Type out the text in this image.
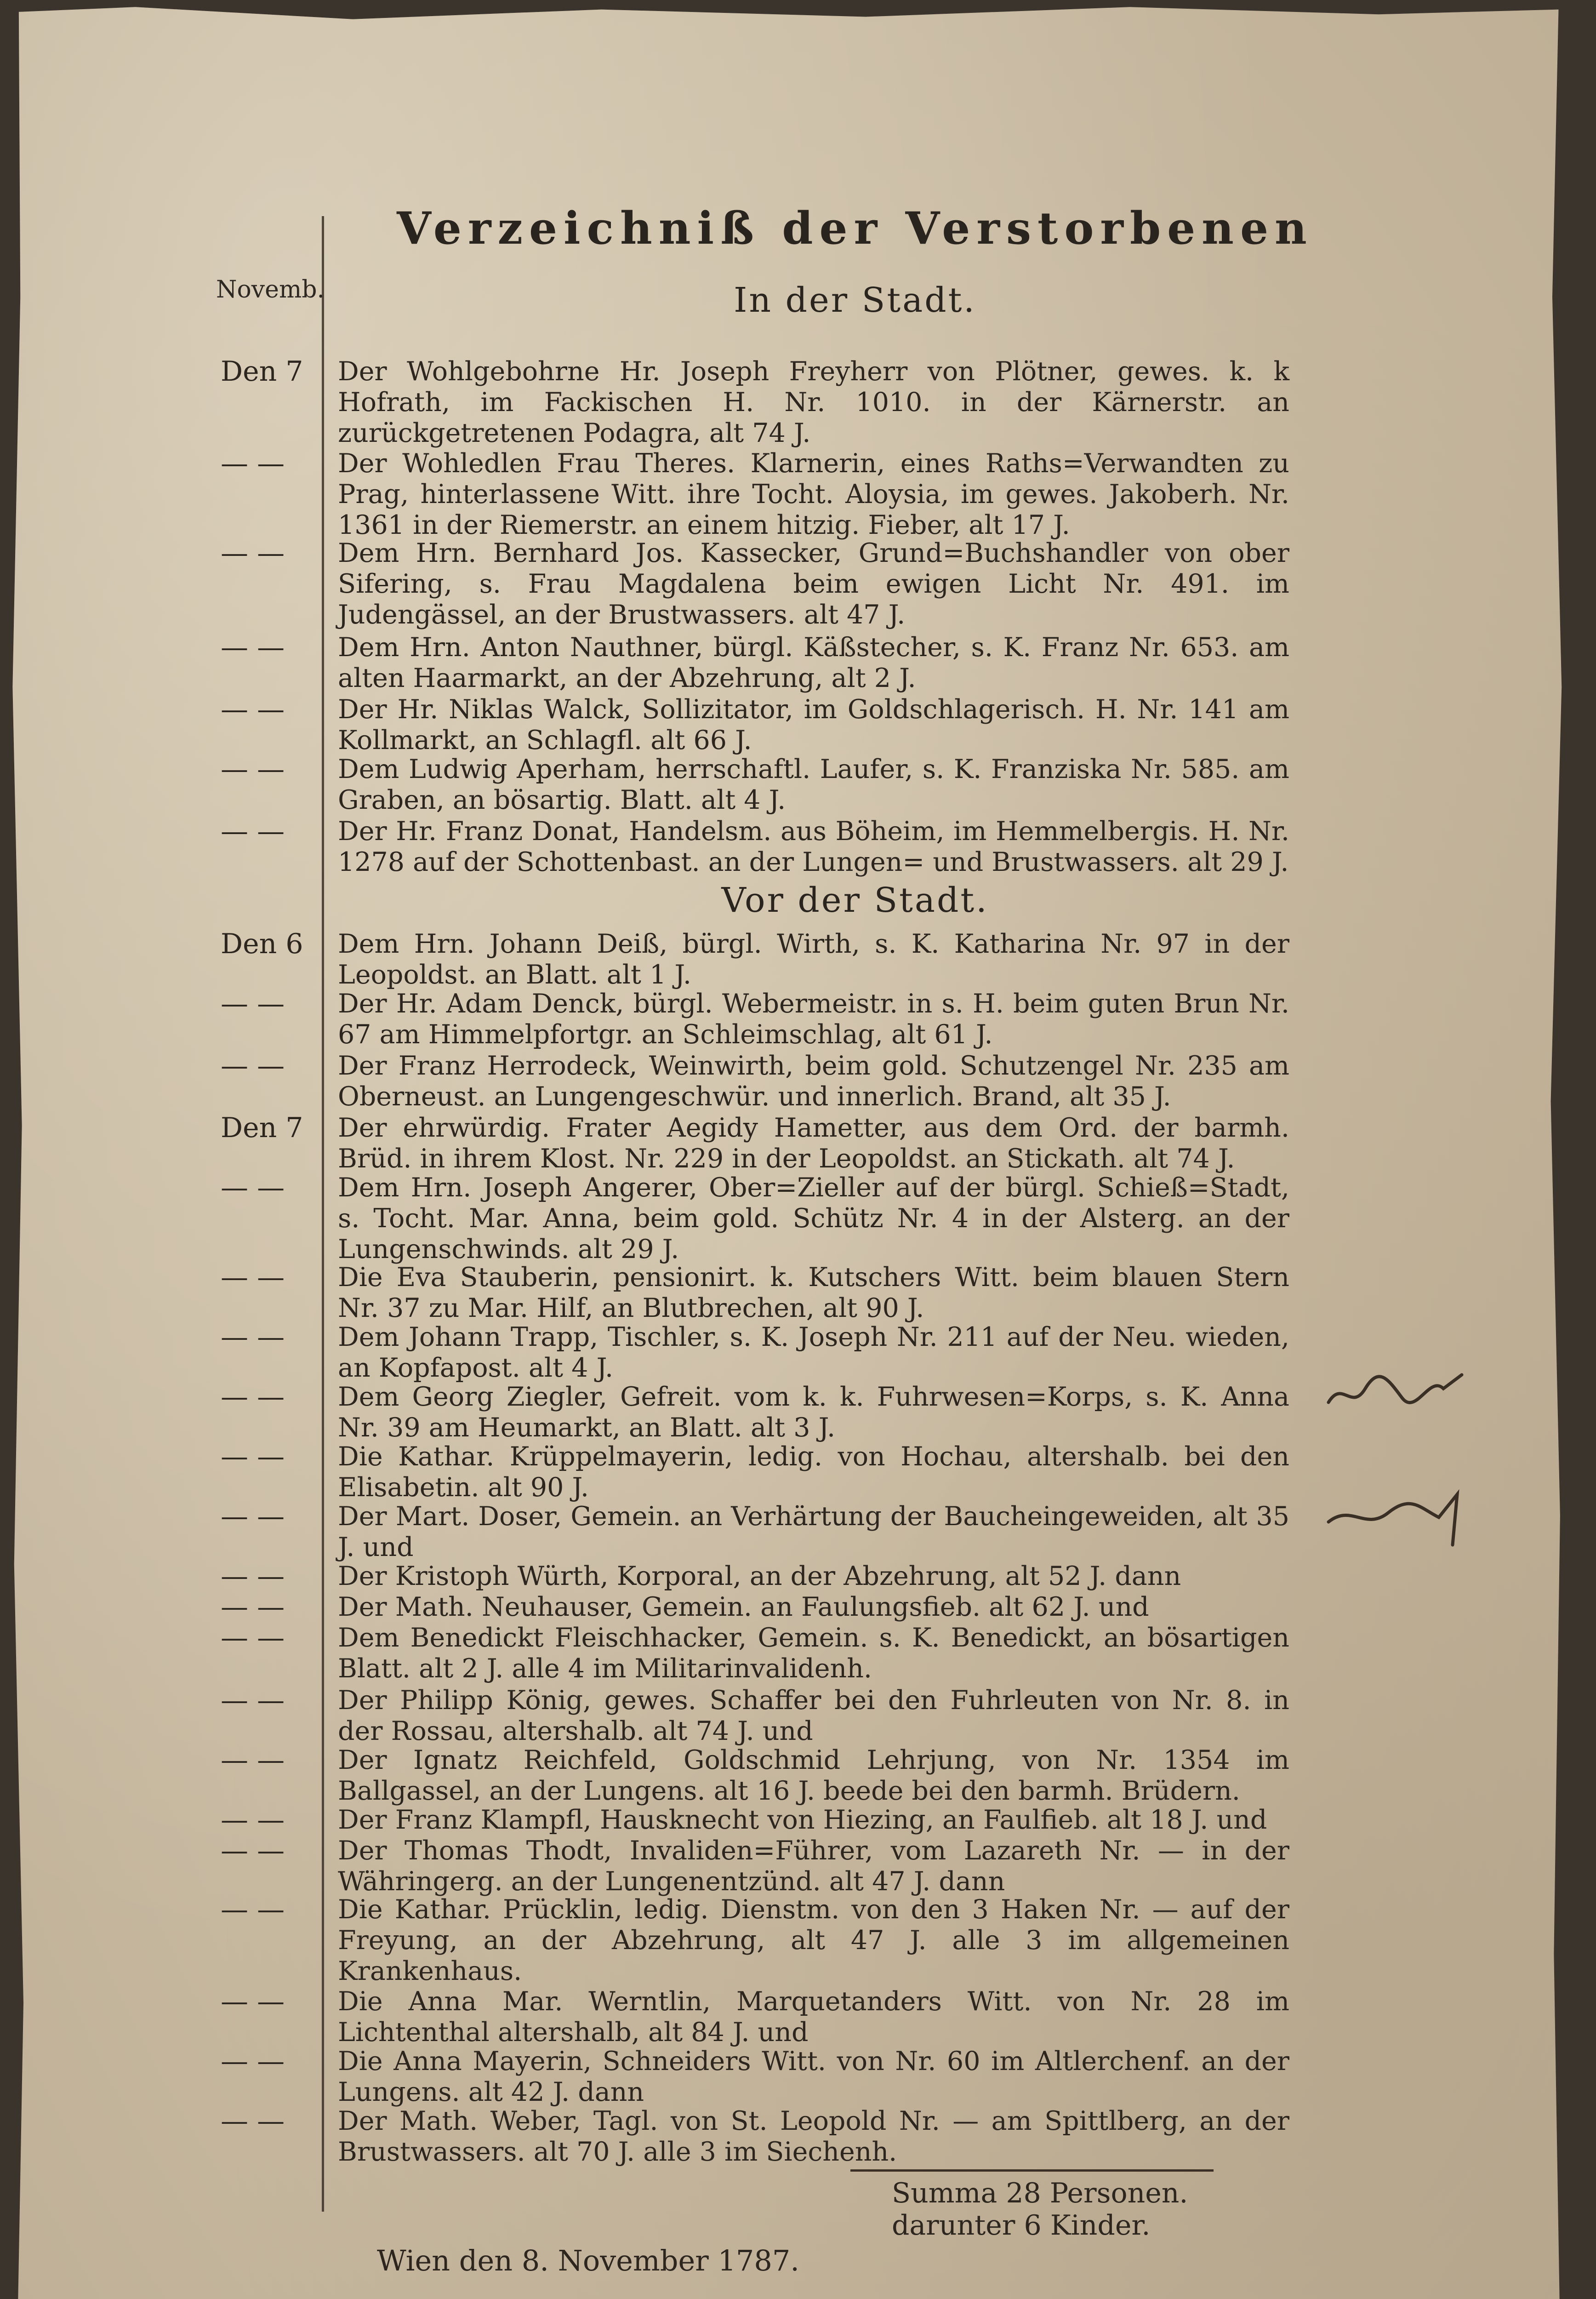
Verzeichniß der Verstorbenen
Novemb.	In der Stadt.
Den 7 Der Wohlgebohrne Hr. Joseph Freyherr von Plötner, gewes. k. k Hofrath, im Fackischen H. Nr. 1010. in der Kärnerstr. an zurückgetretenen Podagra, alt 74 J.
— — Der Wohledlen Frau Theres. Klarnerin, eines Raths=Verwandten zu Prag, hinterlassene Witt. ihre Tocht. Aloysia, im gewes. Jakoberh. Nr. 1361 in der Riemerstr. an einem hitzig. Fieber, alt 17 J.
— — Dem Hrn. Bernhard Jos. Kassecker, Grund=Buchshandler von ober Sifering, s. Frau Magdalena beim ewigen Licht Nr. 491. im Judengässel, an der Brustwassers. alt 47 J.
— — Dem Hrn. Anton Nauthner, bürgl. Käßstecher, s. K. Franz Nr. 653. am alten Haarmarkt, an der Abzehrung, alt 2 J.
— — Der Hr. Niklas Walck, Sollizitator, im Goldschlagerisch. H. Nr. 141 am Kollmarkt, an Schlagfl. alt 66 J.
— — Dem Ludwig Aperham, herrschaftl. Laufer, s. K. Franziska Nr. 585. am Graben, an bösartig. Blatt. alt 4 J.
— — Der Hr. Franz Donat, Handelsm. aus Böheim, im Hemmelbergis. H. Nr. 1278 auf der Schottenbast. an der Lungen= und Brustwassers. alt 29 J.
Vor der Stadt.
Den 6 Dem Hrn. Johann Deiß, bürgl. Wirth, s. K. Katharina Nr. 97 in der Leopoldst. an Blatt. alt 1 J.
— — Der Hr. Adam Denck, bürgl. Webermeistr. in s. H. beim guten Brun Nr. 67 am Himmelpfortgr. an Schleimschlag, alt 61 J.
— — Der Franz Herrodeck, Weinwirth, beim gold. Schutzengel Nr. 235 am Oberneust. an Lungengeschwür. und innerlich. Brand, alt 35 J.
Den 7 Der ehrwürdig. Frater Aegidy Hametter, aus dem Ord. der barmh. Brüd. in ihrem Klost. Nr. 229 in der Leopoldst. an Stickath. alt 74 J.
— — Dem Hrn. Joseph Angerer, Ober=Zieller auf der bürgl. Schieß=Stadt, s. Tocht. Mar. Anna, beim gold. Schütz Nr. 4 in der Alsterg. an der Lungenschwinds. alt 29 J.
— — Die Eva Stauberin, pensionirt. k. Kutschers Witt. beim blauen Stern Nr. 37 zu Mar. Hilf, an Blutbrechen, alt 90 J.
— — Dem Johann Trapp, Tischler, s. K. Joseph Nr. 211 auf der Neu. wieden, an Kopfapost. alt 4 J.
— — Dem Georg Ziegler, Gefreit. vom k. k. Fuhrwesen=Korps, s. K. Anna Nr. 39 am Heumarkt, an Blatt. alt 3 J.
— — Die Kathar. Krüppelmayerin, ledig. von Hochau, altershalb. bei den Elisabetin. alt 90 J.
— — Der Mart. Doser, Gemein. an Verhärtung der Baucheingeweiden, alt 35 J. und
— — Der Kristoph Würth, Korporal, an der Abzehrung, alt 52 J. dann
— — Der Math. Neuhauser, Gemein. an Faulungsfieb. alt 62 J. und
— — Dem Benedickt Fleischhacker, Gemein. s. K. Benedickt, an bösartigen Blatt. alt 2 J. alle 4 im Militarinvalidenh.
— — Der Philipp König, gewes. Schaffer bei den Fuhrleuten von Nr. 8. in der Rossau, altershalb. alt 74 J. und
— — Der Ignatz Reichfeld, Goldschmid Lehrjung, von Nr. 1354 im Ballgassel, an der Lungens. alt 16 J. beede bei den barmh. Brüdern.
— — Der Franz Klampfl, Hausknecht von Hiezing, an Faulfieb. alt 18 J. und
— — Der Thomas Thodt, Invaliden=Führer, vom Lazareth Nr. — in der Währingerg. an der Lungenentzünd. alt 47 J. dann
— — Die Kathar. Prücklin, ledig. Dienstm. von den 3 Haken Nr. — auf der Freyung, an der Abzehrung, alt 47 J. alle 3 im allgemeinen Krankenhaus.
— — Die Anna Mar. Werntlin, Marquetanders Witt. von Nr. 28 im Lichtenthal altershalb, alt 84 J. und
— — Die Anna Mayerin, Schneiders Witt. von Nr. 60 im Altlerchenf. an der Lungens. alt 42 J. dann
— — Der Math. Weber, Tagl. von St. Leopold Nr. — am Spittlberg, an der Brustwassers. alt 70 J. alle 3 im Siechenh.
Summa 28 Personen.
darunter 6 Kinder.
Wien den 8. November 1787.
